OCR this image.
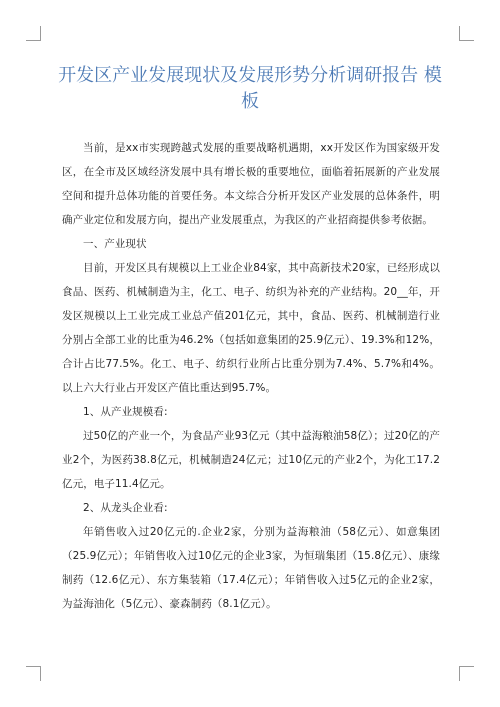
开发区产业发展现状及发展形势分析调研报告 模板

当前，是xx市实现跨越式发展的重要战略机遇期，xx开发区作为国家级开发区，在全市及区域经济发展中具有增长极的重要地位，面临着拓展新的产业发展空间和提升总体功能的首要任务。本文综合分析开发区产业发展的总体条件，明确产业定位和发展方向，提出产业发展重点，为我区的产业招商提供参考依据。

一、产业现状

目前，开发区具有规模以上工业企业84家，其中高新技术20家，已经形成以食品、医药、机械制造为主，化工、电子、纺织为补充的产业结构。20__年，开发区规模以上工业完成工业总产值201亿元，其中，食品、医药、机械制造行业分别占全部工业的比重为46.2%（包括如意集团的25.9亿元）、19.3%和12%，合计占比77.5%。化工、电子、纺织行业所占比重分别为7.4%、5.7%和4%。以上六大行业占开发区产值比重达到95.7%。

1、从产业规模看:

过50亿的产业一个，为食品产业93亿元（其中益海粮油58亿）；过20亿的产业2个，为医药38.8亿元，机械制造24亿元；过10亿元的产业2个，为化工17.2亿元，电子11.4亿元。

2、从龙头企业看:

年销售收入过20亿元的.企业2家，分别为益海粮油（58亿元）、如意集团（25.9亿元）；年销售收入过10亿元的企业3家，为恒瑞集团（15.8亿元）、康缘制药（12.6亿元）、东方集装箱（17.4亿元）；年销售收入过5亿元的企业2家，为益海油化（5亿元）、豪森制药（8.1亿元）。
